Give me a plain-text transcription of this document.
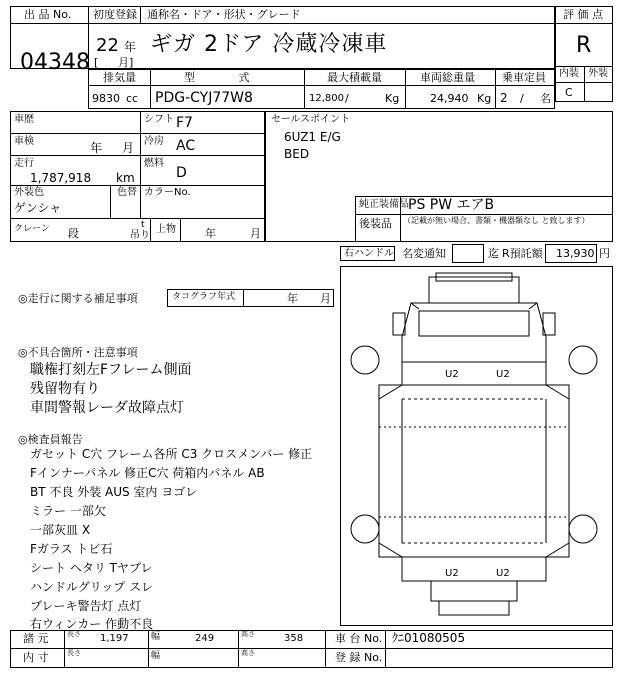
出 品 No. 初度登録 通称名・ドア・形状・グレード
04348
22 年
[ 月]
ギガ 2ドア 冷蔵冷凍車
評 価 点
R
内装 外装
C
排気量	型 式	最大積載量	車両総重量 乗車定員
9830 cc PDG-CYJ77W8	12,800 /	Kg	24,940 Kg 2 / 名
車歴	シフト F7
車検	年 月 冷房 AC
走行
1,787,918 km
燃料
D
外装色
ゲンシャ
色替 カラーNo.
クレーン 段
t
吊り
上物	年	月
セールスポイント
6UZ1 E/G
BED
純正装備品 PS PW エアB
後装品 （記載が無い場合、書類・機器類なし と致します）
右ハンドル 名変通知	迄 R預託額 13,930 円
◎走行に関する補足事項	タコグラフ年式	年 月
◎不具合箇所・注意事項
職権打刻左Fフレーム側面
残留物有り
車間警報レーダ故障点灯
◎検査員報告
ガセット C穴 フレーム各所 C3 クロスメンバー 修正
Fインナーパネル 修正C穴 荷箱内パネル AB
BT 不良 外装 AUS 室内 ヨゴレ
ミラー 一部欠
一部灰皿 X
Fガラス トビ石
シート ヘタリ Tヤブレ
ハンドルグリップ スレ
ブレーキ警告灯 点灯
右ウィンカー 作動不良
U2	U2
U2	U2
諸 元	長さ 1,197 幅	249	高さ	358	車 台 No. ｸﾆ01080505
内 寸	長さ	幅	高さ	登 録 No.
